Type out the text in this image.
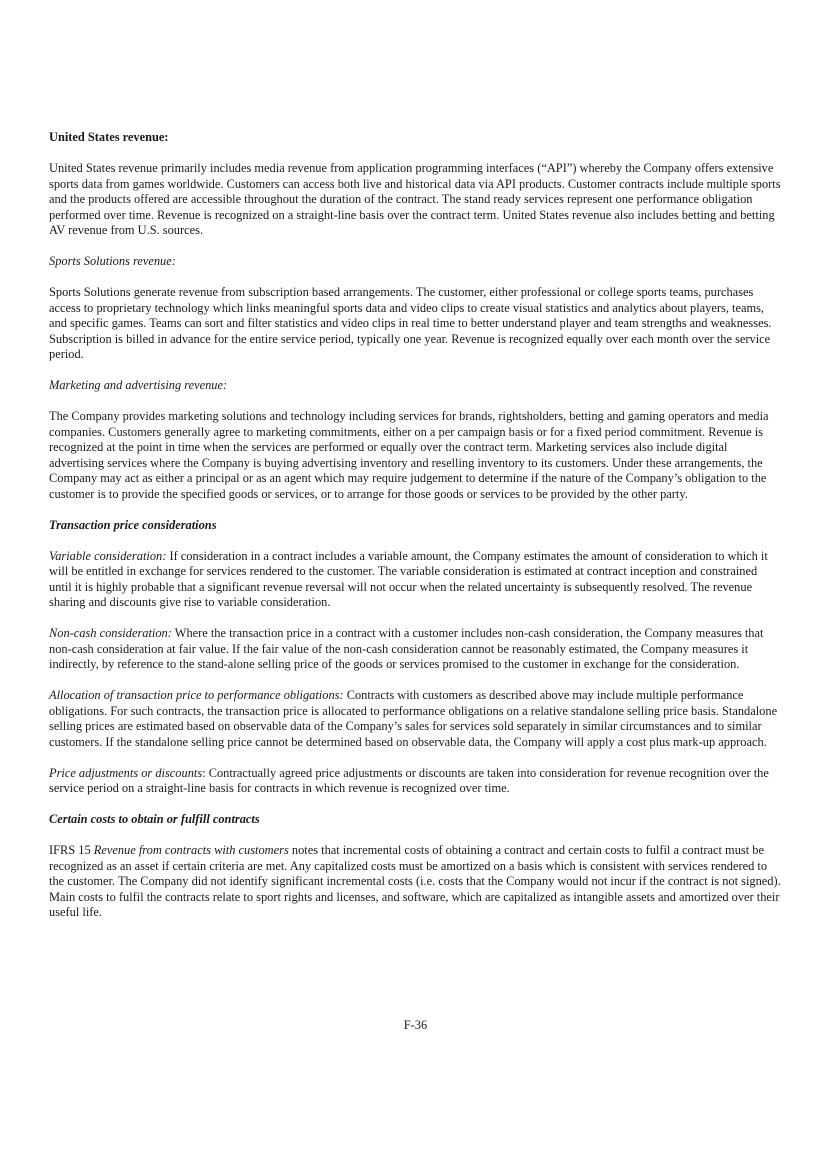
United States revenue:

United States revenue primarily includes media revenue from application programming interfaces (“API”) whereby the Company offers extensive sports data from games worldwide. Customers can access both live and historical data via API products. Customer contracts include multiple sports and the products offered are accessible throughout the duration of the contract. The stand ready services represent one performance obligation performed over time. Revenue is recognized on a straight-line basis over the contract term. United States revenue also includes betting and betting AV revenue from U.S. sources.

Sports Solutions revenue:

Sports Solutions generate revenue from subscription based arrangements. The customer, either professional or college sports teams, purchases access to proprietary technology which links meaningful sports data and video clips to create visual statistics and analytics about players, teams, and specific games. Teams can sort and filter statistics and video clips in real time to better understand player and team strengths and weaknesses. Subscription is billed in advance for the entire service period, typically one year. Revenue is recognized equally over each month over the service period.

Marketing and advertising revenue:

The Company provides marketing solutions and technology including services for brands, rightsholders, betting and gaming operators and media companies. Customers generally agree to marketing commitments, either on a per campaign basis or for a fixed period commitment. Revenue is recognized at the point in time when the services are performed or equally over the contract term. Marketing services also include digital advertising services where the Company is buying advertising inventory and reselling inventory to its customers. Under these arrangements, the Company may act as either a principal or as an agent which may require judgement to determine if the nature of the Company’s obligation to the customer is to provide the specified goods or services, or to arrange for those goods or services to be provided by the other party.

Transaction price considerations

Variable consideration: If consideration in a contract includes a variable amount, the Company estimates the amount of consideration to which it will be entitled in exchange for services rendered to the customer. The variable consideration is estimated at contract inception and constrained until it is highly probable that a significant revenue reversal will not occur when the related uncertainty is subsequently resolved. The revenue sharing and discounts give rise to variable consideration.

Non-cash consideration: Where the transaction price in a contract with a customer includes non-cash consideration, the Company measures that non-cash consideration at fair value. If the fair value of the non-cash consideration cannot be reasonably estimated, the Company measures it indirectly, by reference to the stand-alone selling price of the goods or services promised to the customer in exchange for the consideration.

Allocation of transaction price to performance obligations: Contracts with customers as described above may include multiple performance obligations. For such contracts, the transaction price is allocated to performance obligations on a relative standalone selling price basis. Standalone selling prices are estimated based on observable data of the Company’s sales for services sold separately in similar circumstances and to similar customers. If the standalone selling price cannot be determined based on observable data, the Company will apply a cost plus mark-up approach.

Price adjustments or discounts: Contractually agreed price adjustments or discounts are taken into consideration for revenue recognition over the service period on a straight-line basis for contracts in which revenue is recognized over time.

Certain costs to obtain or fulfill contracts

IFRS 15 Revenue from contracts with customers notes that incremental costs of obtaining a contract and certain costs to fulfil a contract must be recognized as an asset if certain criteria are met. Any capitalized costs must be amortized on a basis which is consistent with services rendered to the customer. The Company did not identify significant incremental costs (i.e. costs that the Company would not incur if the contract is not signed). Main costs to fulfil the contracts relate to sport rights and licenses, and software, which are capitalized as intangible assets and amortized over their useful life.

F-36
